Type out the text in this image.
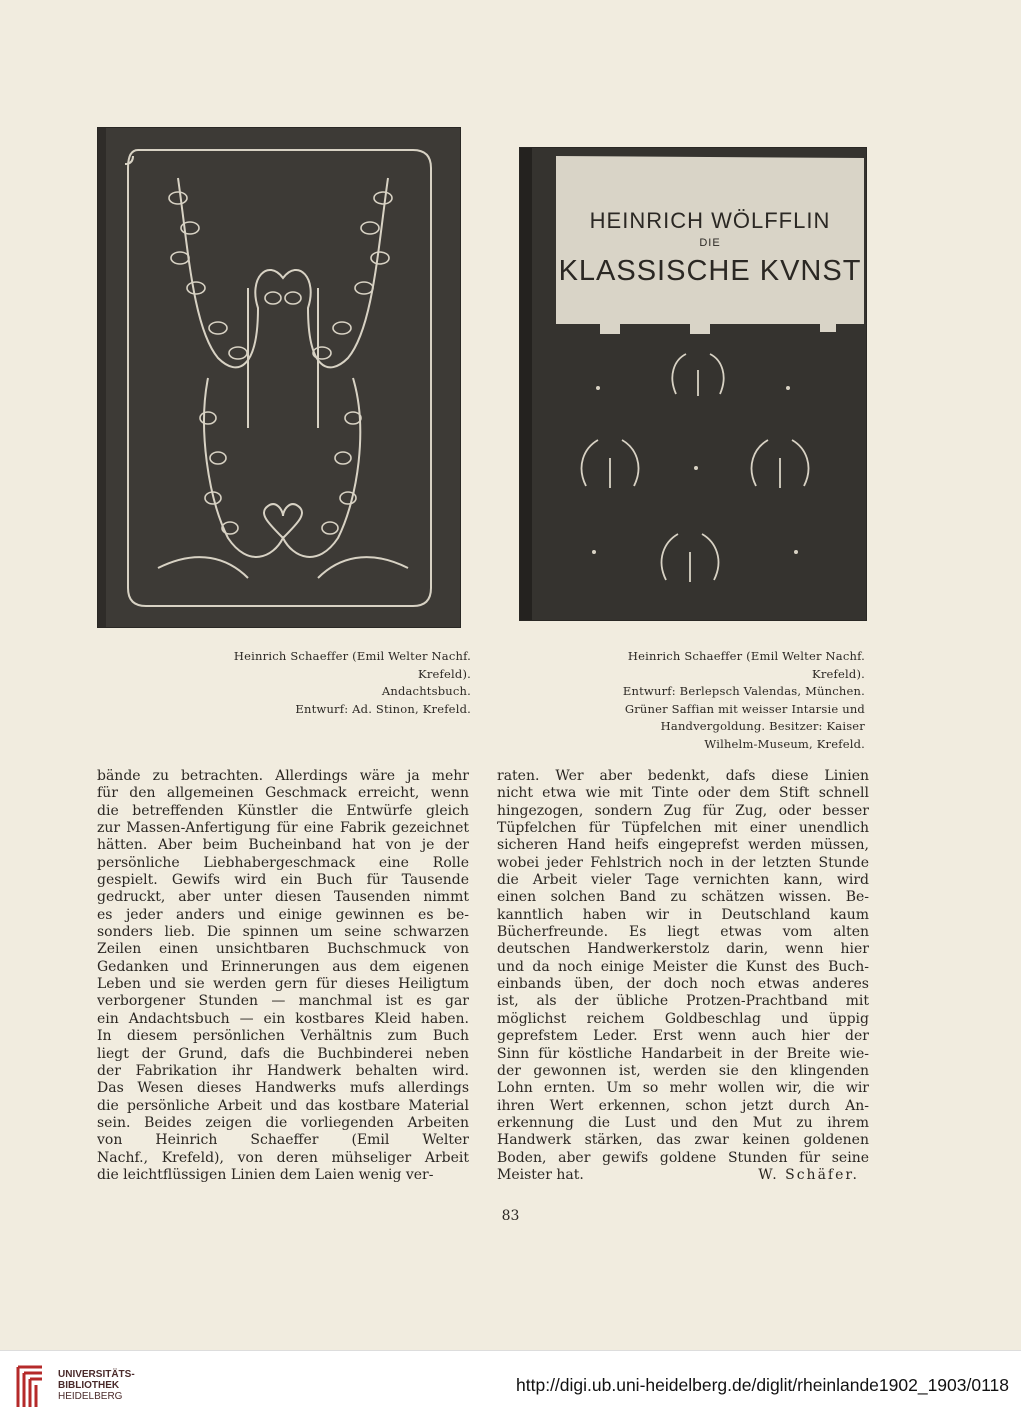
HEINRICH WÖLFFLIN
DIE
KLASSISCHE KVNST
Heinrich Schaeffer (Emil Welter Nachf.
Krefeld).
Andachtsbuch.
Entwurf: Ad. Stinon, Krefeld.
Heinrich Schaeffer (Emil Welter Nachf.
Krefeld).
Entwurf: Berlepsch Valendas, München.
Grüner Saffian mit weisser Intarsie und
Handvergoldung. Besitzer: Kaiser
Wilhelm-Museum, Krefeld.
bände zu betrachten. Allerdings wäre ja mehr
für den allgemeinen Geschmack erreicht, wenn
die betreffenden Künstler die Entwürfe gleich
zur Massen-Anfertigung für eine Fabrik gezeichnet
hätten. Aber beim Bucheinband hat von je der
persönliche Liebhabergeschmack eine Rolle
gespielt. Gewifs wird ein Buch für Tausende
gedruckt, aber unter diesen Tausenden nimmt
es jeder anders und einige gewinnen es be-
sonders lieb. Die spinnen um seine schwarzen
Zeilen einen unsichtbaren Buchschmuck von
Gedanken und Erinnerungen aus dem eigenen
Leben und sie werden gern für dieses Heiligtum
verborgener Stunden — manchmal ist es gar
ein Andachtsbuch — ein kostbares Kleid haben.
In diesem persönlichen Verhältnis zum Buch
liegt der Grund, dafs die Buchbinderei neben
der Fabrikation ihr Handwerk behalten wird.
Das Wesen dieses Handwerks mufs allerdings
die persönliche Arbeit und das kostbare Material
sein. Beides zeigen die vorliegenden Arbeiten
von Heinrich Schaeffer (Emil Welter
Nachf., Krefeld), von deren mühseliger Arbeit
die leichtflüssigen Linien dem Laien wenig ver-
raten. Wer aber bedenkt, dafs diese Linien
nicht etwa wie mit Tinte oder dem Stift schnell
hingezogen, sondern Zug für Zug, oder besser
Tüpfelchen für Tüpfelchen mit einer unendlich
sicheren Hand heifs eingeprefst werden müssen,
wobei jeder Fehlstrich noch in der letzten Stunde
die Arbeit vieler Tage vernichten kann, wird
einen solchen Band zu schätzen wissen. Be-
kanntlich haben wir in Deutschland kaum
Bücherfreunde. Es liegt etwas vom alten
deutschen Handwerkerstolz darin, wenn hier
und da noch einige Meister die Kunst des Buch-
einbands üben, der doch noch etwas anderes
ist, als der übliche Protzen-Prachtband mit
möglichst reichem Goldbeschlag und üppig
geprefstem Leder. Erst wenn auch hier der
Sinn für köstliche Handarbeit in der Breite wie-
der gewonnen ist, werden sie den klingenden
Lohn ernten. Um so mehr wollen wir, die wir
ihren Wert erkennen, schon jetzt durch An-
erkennung die Lust und den Mut zu ihrem
Handwerk stärken, das zwar keinen goldenen
Boden, aber gewifs goldene Stunden für seine
Meister hat.	W. Schäfer.
83
UNIVERSITÄTS-
BIBLIOTHEK
HEIDELBERG
http://digi.ub.uni-heidelberg.de/diglit/rheinlande1902_1903/0118
